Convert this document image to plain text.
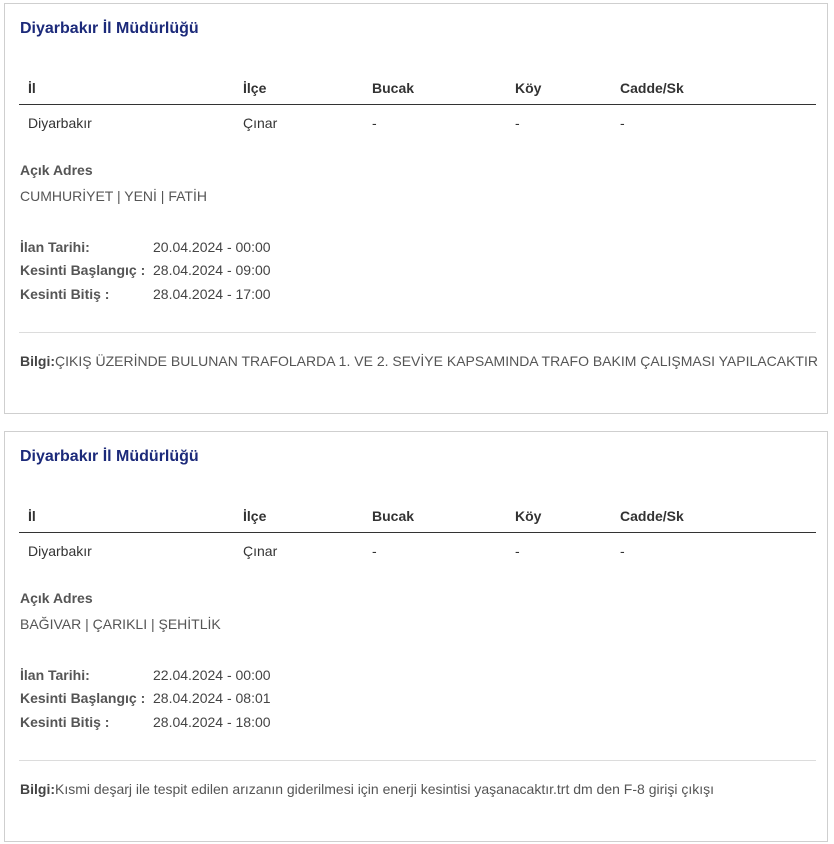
Diyarbakır İl Müdürlüğü
İl	İlçe	Bucak	Köy	Cadde/Sk
Diyarbakır	Çınar	-	-	-
Açık Adres
CUMHURİYET | YENİ | FATİH
İlan Tarihi:	20.04.2024 - 00:00
Kesinti Başlangıç : 28.04.2024 - 09:00
Kesinti Bitiş :	28.04.2024 - 17:00
Bilgi:ÇIKIŞ ÜZERİNDE BULUNAN TRAFOLARDA 1. VE 2. SEVİYE KAPSAMINDA TRAFO BAKIM ÇALIŞMASI YAPILACAKTIR
Diyarbakır İl Müdürlüğü
İl	İlçe	Bucak	Köy	Cadde/Sk
Diyarbakır	Çınar	-	-	-
Açık Adres
BAĞIVAR | ÇARIKLI | ŞEHİTLİK
İlan Tarihi:	22.04.2024 - 00:00
Kesinti Başlangıç : 28.04.2024 - 08:01
Kesinti Bitiş :	28.04.2024 - 18:00
Bilgi:Kısmi deşarj ile tespit edilen arızanın giderilmesi için enerji kesintisi yaşanacaktır.trt dm den F-8 girişi çıkışı
